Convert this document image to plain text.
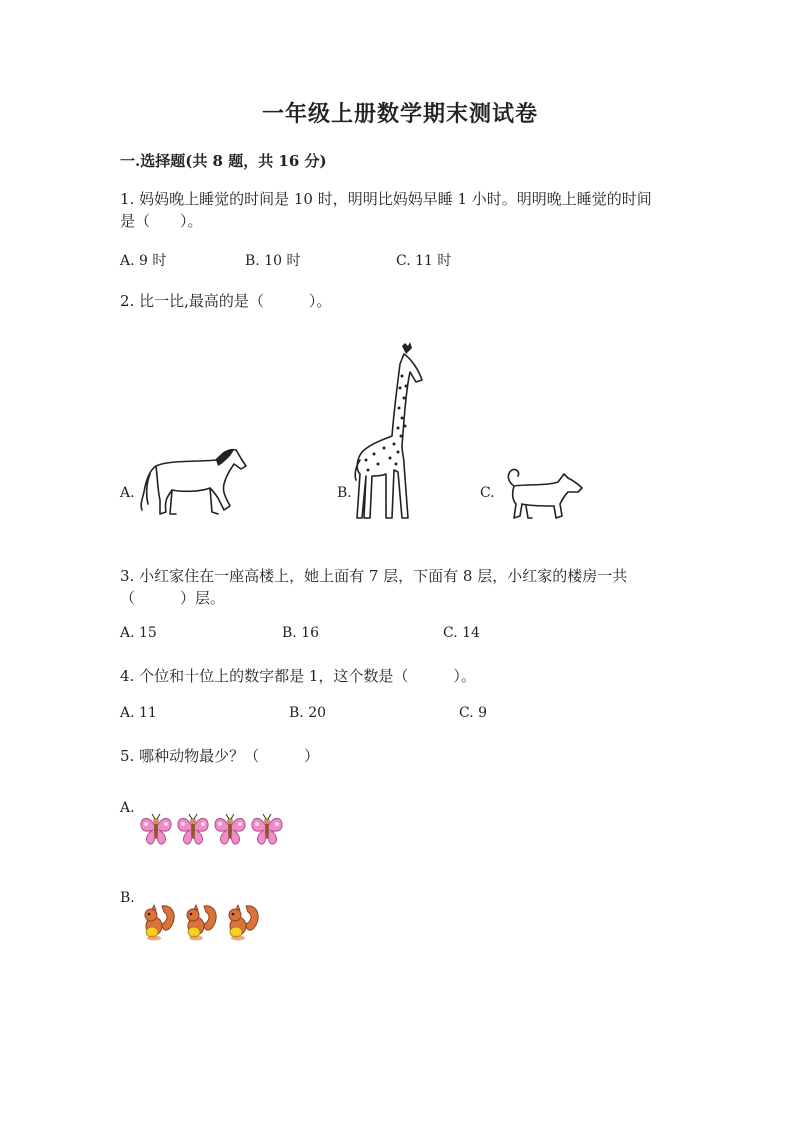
一年级上册数学期末测试卷
一.选择题(共 8 题，共 16 分)
1. 妈妈晚上睡觉的时间是 10 时，明明比妈妈早睡 1 小时。明明晚上睡觉的时间
是（　　）。
A. 9 时	B. 10 时	C. 11 时
2. 比一比,最高的是（　　　）。
A.	B.	C.
3. 小红家住在一座高楼上，她上面有 7 层，下面有 8 层，小红家的楼房一共
（　　　）层。
A. 15	B. 16	C. 14
4. 个位和十位上的数字都是 1，这个数是（　　　）。
A. 11	B. 20	C. 9
5. 哪种动物最少？（　　　）
A.
B.
